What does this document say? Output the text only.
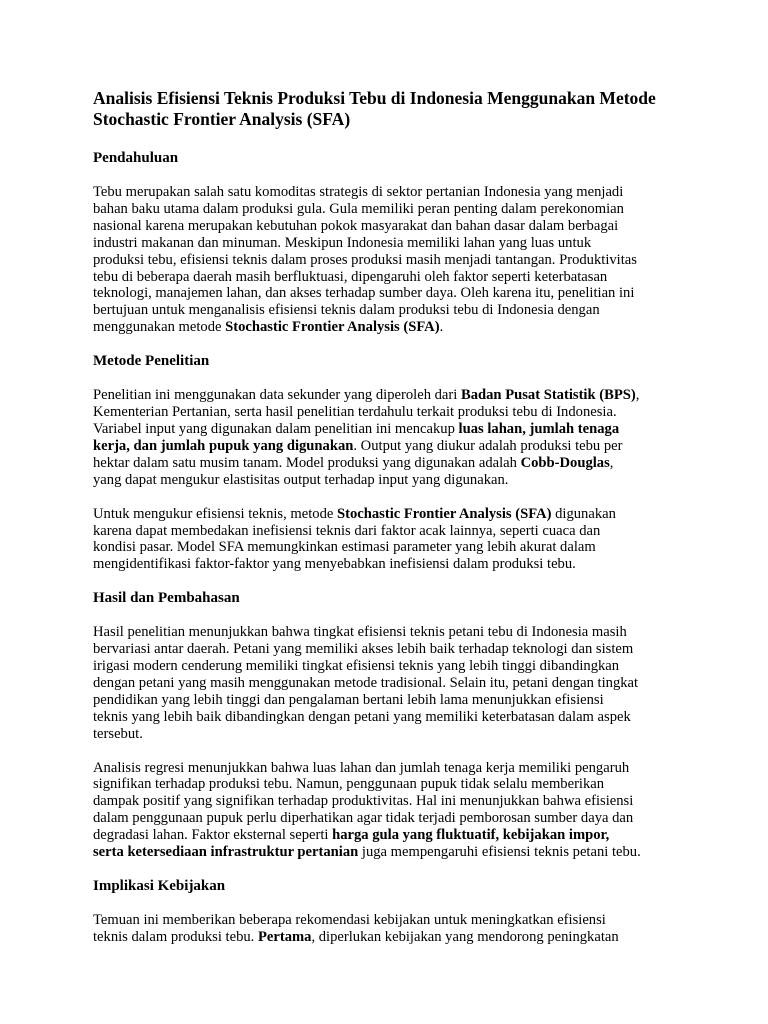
Analisis Efisiensi Teknis Produksi Tebu di Indonesia Menggunakan Metode
Stochastic Frontier Analysis (SFA)
Pendahuluan

Tebu merupakan salah satu komoditas strategis di sektor pertanian Indonesia yang menjadi
bahan baku utama dalam produksi gula. Gula memiliki peran penting dalam perekonomian
nasional karena merupakan kebutuhan pokok masyarakat dan bahan dasar dalam berbagai
industri makanan dan minuman. Meskipun Indonesia memiliki lahan yang luas untuk
produksi tebu, efisiensi teknis dalam proses produksi masih menjadi tantangan. Produktivitas
tebu di beberapa daerah masih berfluktuasi, dipengaruhi oleh faktor seperti keterbatasan
teknologi, manajemen lahan, dan akses terhadap sumber daya. Oleh karena itu, penelitian ini
bertujuan untuk menganalisis efisiensi teknis dalam produksi tebu di Indonesia dengan
menggunakan metode Stochastic Frontier Analysis (SFA).

Metode Penelitian

Penelitian ini menggunakan data sekunder yang diperoleh dari Badan Pusat Statistik (BPS),
Kementerian Pertanian, serta hasil penelitian terdahulu terkait produksi tebu di Indonesia.
Variabel input yang digunakan dalam penelitian ini mencakup luas lahan, jumlah tenaga
kerja, dan jumlah pupuk yang digunakan. Output yang diukur adalah produksi tebu per
hektar dalam satu musim tanam. Model produksi yang digunakan adalah Cobb-Douglas,
yang dapat mengukur elastisitas output terhadap input yang digunakan.

Untuk mengukur efisiensi teknis, metode Stochastic Frontier Analysis (SFA) digunakan
karena dapat membedakan inefisiensi teknis dari faktor acak lainnya, seperti cuaca dan
kondisi pasar. Model SFA memungkinkan estimasi parameter yang lebih akurat dalam
mengidentifikasi faktor-faktor yang menyebabkan inefisiensi dalam produksi tebu.

Hasil dan Pembahasan

Hasil penelitian menunjukkan bahwa tingkat efisiensi teknis petani tebu di Indonesia masih
bervariasi antar daerah. Petani yang memiliki akses lebih baik terhadap teknologi dan sistem
irigasi modern cenderung memiliki tingkat efisiensi teknis yang lebih tinggi dibandingkan
dengan petani yang masih menggunakan metode tradisional. Selain itu, petani dengan tingkat
pendidikan yang lebih tinggi dan pengalaman bertani lebih lama menunjukkan efisiensi
teknis yang lebih baik dibandingkan dengan petani yang memiliki keterbatasan dalam aspek
tersebut.

Analisis regresi menunjukkan bahwa luas lahan dan jumlah tenaga kerja memiliki pengaruh
signifikan terhadap produksi tebu. Namun, penggunaan pupuk tidak selalu memberikan
dampak positif yang signifikan terhadap produktivitas. Hal ini menunjukkan bahwa efisiensi
dalam penggunaan pupuk perlu diperhatikan agar tidak terjadi pemborosan sumber daya dan
degradasi lahan. Faktor eksternal seperti harga gula yang fluktuatif, kebijakan impor,
serta ketersediaan infrastruktur pertanian juga mempengaruhi efisiensi teknis petani tebu.

Implikasi Kebijakan

Temuan ini memberikan beberapa rekomendasi kebijakan untuk meningkatkan efisiensi
teknis dalam produksi tebu. Pertama, diperlukan kebijakan yang mendorong peningkatan
